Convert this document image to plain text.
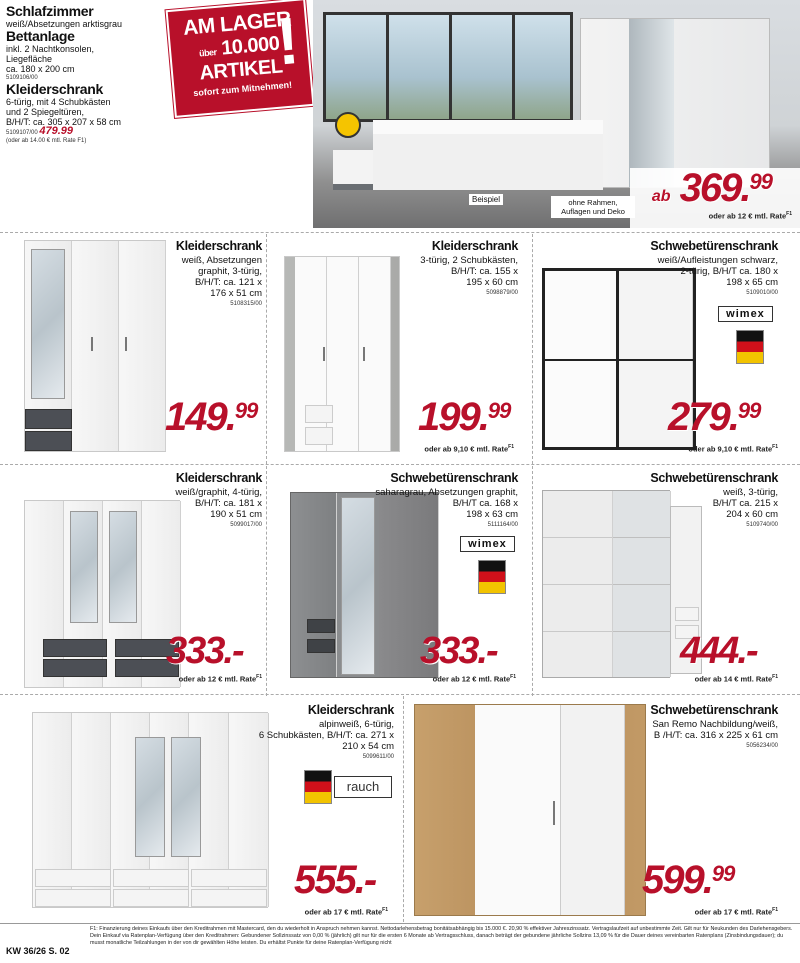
Schlafzimmer
weiß/Absetzungen arktisgrau
Bettanlage
inkl. 2 Nachtkonsolen,
Liegefläche
ca. 180 x 200 cm
5109106/00
Kleiderschrank
6-türig, mit 4 Schubkästen
und 2 Spiegeltüren,
B/H/T: ca. 305 x 207 x 58 cm
5109107/00 479.99
(oder ab 14.00 € mtl. Rate F1)
AM LAGER
über 10.000
ARTIKEL
sofort zum Mitnehmen!
!
Beispiel	ohne Rahmen, Auflagen und Deko
ab 369.99
oder ab 12 € mtl. Rate$^{F1}$
Kleiderschrank
weiß, Absetzungen
graphit, 3-türig,
B/H/T: ca. 121 x
176 x 51 cm
5108315/00
149.99
Kleiderschrank
3-türig, 2 Schubkästen,
B/H/T: ca. 155 x
195 x 60 cm
5098879/00
199.99
oder ab 9,10 € mtl. Rate$^{F1}$
Schwebetürenschrank
weiß/Aufleistungen schwarz,
2-türig, B/H/T ca. 180 x
198 x 65 cm
5109010/00
wimex
279.99
oder ab 9,10 € mtl. Rate$^{F1}$
Kleiderschrank
weiß/graphit, 4-türig,
B/H/T: ca. 181 x
190 x 51 cm
5099017/00
333.-
oder ab 12 € mtl. Rate$^{F1}$
Schwebetürenschrank
saharagrau, Absetzungen graphit,
B/H/T ca. 168 x
198 x 63 cm
5111164/00
wimex
333.-
oder ab 12 € mtl. Rate$^{F1}$
Schwebetürenschrank
weiß, 3-türig,
B/H/T ca. 215 x
204 x 60 cm
5109740/00
444.-
oder ab 14 € mtl. Rate$^{F1}$
Kleiderschrank
alpinweiß, 6-türig,
6 Schubkästen, B/H/T: ca. 271 x
210 x 54 cm
5099611/00
rauch
555.-
oder ab 17 € mtl. Rate$^{F1}$
Schwebetürenschrank
San Remo Nachbildung/weiß,
B /H/T: ca. 316 x 225 x 61 cm
5056234/00
599.99
oder ab 17 € mtl. Rate$^{F1}$
KW 36/26 S. 02
F1: Finanzierung deines Einkaufs über den Kreditrahmen mit Mastercard, den du wiederholt in Anspruch nehmen kannst. Nettodarlehensbetrag bonitätsabhängig bis 15.000 €. 20,90 % effektiver Jahreszinssatz. Vertragslaufzeit auf unbestimmte Zeit. Gilt nur für Neukunden des Darlehensgebers. Dein Einkauf via Ratenplan-Verfügung über den Kreditrahmen: Gebundener Sollzinssatz von 0,00 % (jährlich) gilt nur für die ersten 6 Monate ab Vertragsschluss, danach beträgt der gebundene jährliche Sollzins 13,09 % für die Dauer deines vereinbarten Ratenplans (Zinsbindungsdauer); du musst monatliche Teilzahlungen in der von dir gewählten Höhe leisten. Du erhältst Punkte für deine Ratenplan-Verfügung nicht
